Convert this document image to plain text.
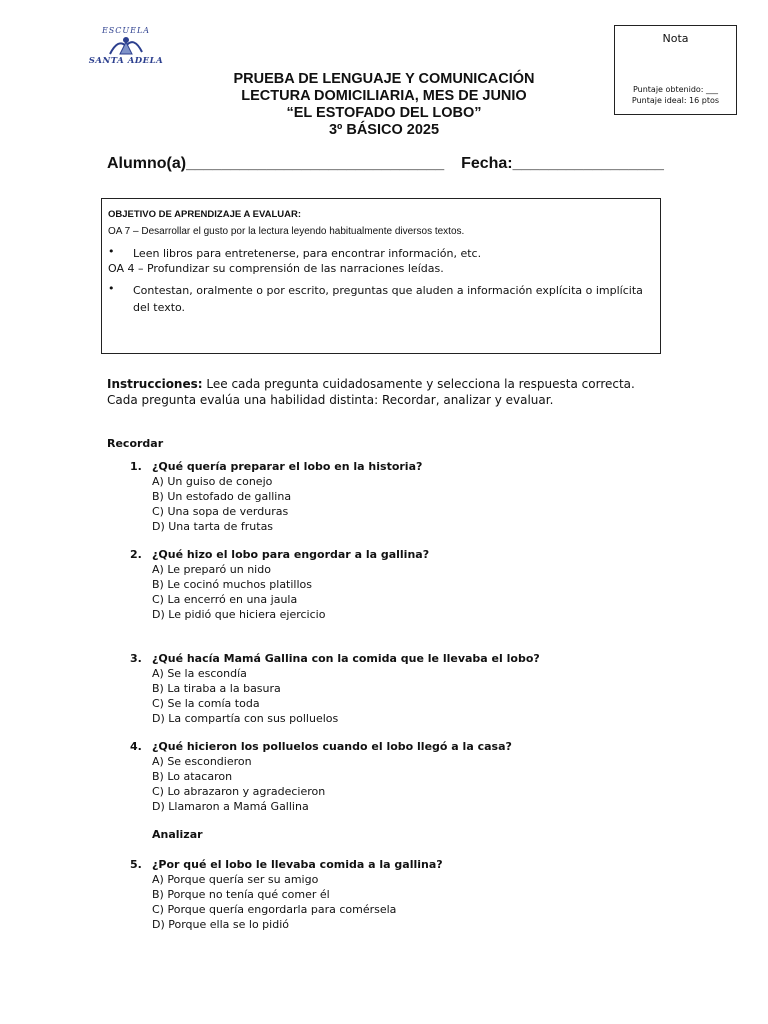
ESCUELA
SANTA ADELA
Nota
Puntaje obtenido: ___
Puntaje ideal: 16 ptos
PRUEBA DE LENGUAJE Y COMUNICACIÓN
LECTURA DOMICILIARIA, MES DE JUNIO
“EL ESTOFADO DEL LOBO”
3º BÁSICO 2025
Alumno(a)_____________________________ Fecha:_________________
OBJETIVO DE APRENDIZAJE A EVALUAR:
OA 7 – Desarrollar el gusto por la lectura leyendo habitualmente diversos textos.
• Leen libros para entretenerse, para encontrar información, etc.
OA 4 – Profundizar su comprensión de las narraciones leídas.
• Contestan, oralmente o por escrito, preguntas que aluden a información explícita o implícita del texto.
Instrucciones: Lee cada pregunta cuidadosamente y selecciona la respuesta correcta.
Cada pregunta evalúa una habilidad distinta: Recordar, analizar y evaluar.
Recordar
Analizar
1. ¿Qué quería preparar el lobo en la historia?
A) Un guiso de conejo
B) Un estofado de gallina
C) Una sopa de verduras
D) Una tarta de frutas
2. ¿Qué hizo el lobo para engordar a la gallina?
A) Le preparó un nido
B) Le cocinó muchos platillos
C) La encerró en una jaula
D) Le pidió que hiciera ejercicio
3. ¿Qué hacía Mamá Gallina con la comida que le llevaba el lobo?
A) Se la escondía
B) La tiraba a la basura
C) Se la comía toda
D) La compartía con sus polluelos
4. ¿Qué hicieron los polluelos cuando el lobo llegó a la casa?
A) Se escondieron
B) Lo atacaron
C) Lo abrazaron y agradecieron
D) Llamaron a Mamá Gallina
5. ¿Por qué el lobo le llevaba comida a la gallina?
A) Porque quería ser su amigo
B) Porque no tenía qué comer él
C) Porque quería engordarla para comérsela
D) Porque ella se lo pidió
